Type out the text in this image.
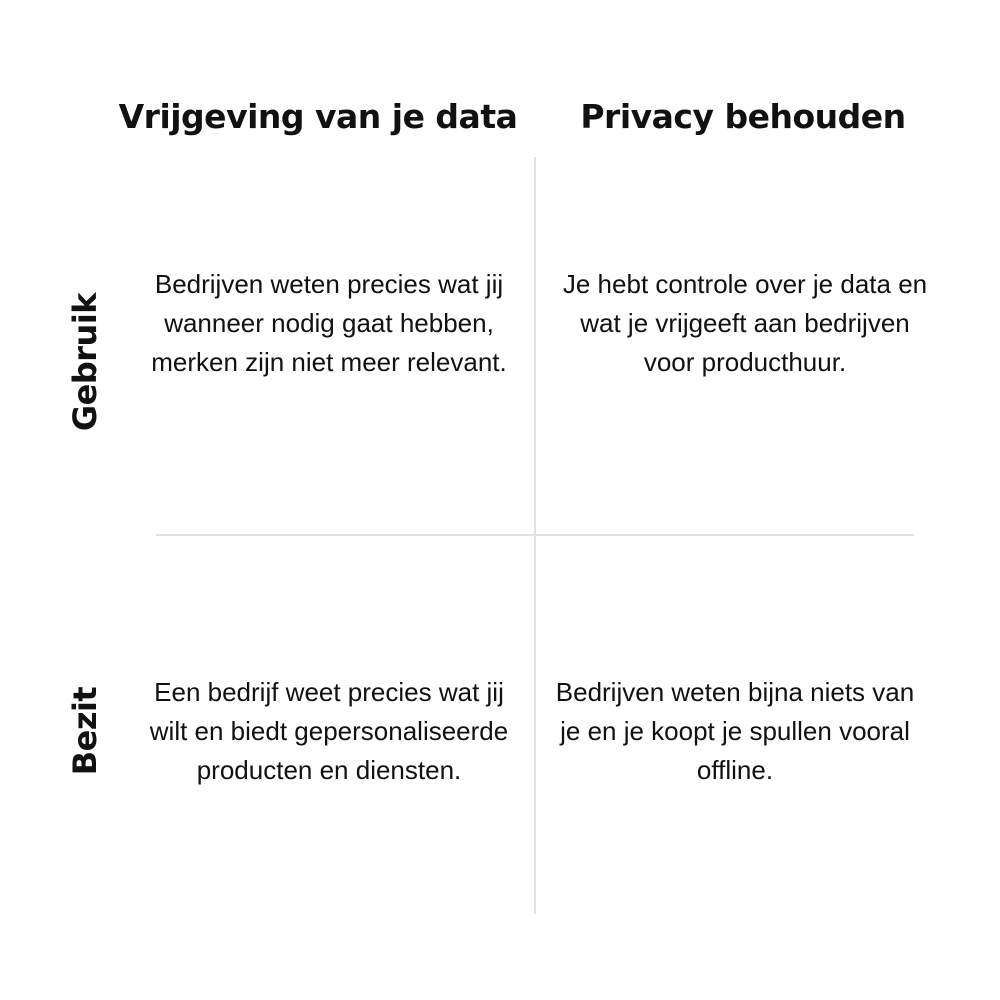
Vrijgeving van je data	Privacy behouden
Gebruik
Bezit
Bedrijven weten precies wat jij wanneer nodig gaat hebben, merken zijn niet meer relevant.
Je hebt controle over je data en wat je vrijgeeft aan bedrijven voor producthuur.
Een bedrijf weet precies wat jij wilt en biedt gepersonaliseerde producten en diensten.
Bedrijven weten bijna niets van je en je koopt je spullen vooral offline.
